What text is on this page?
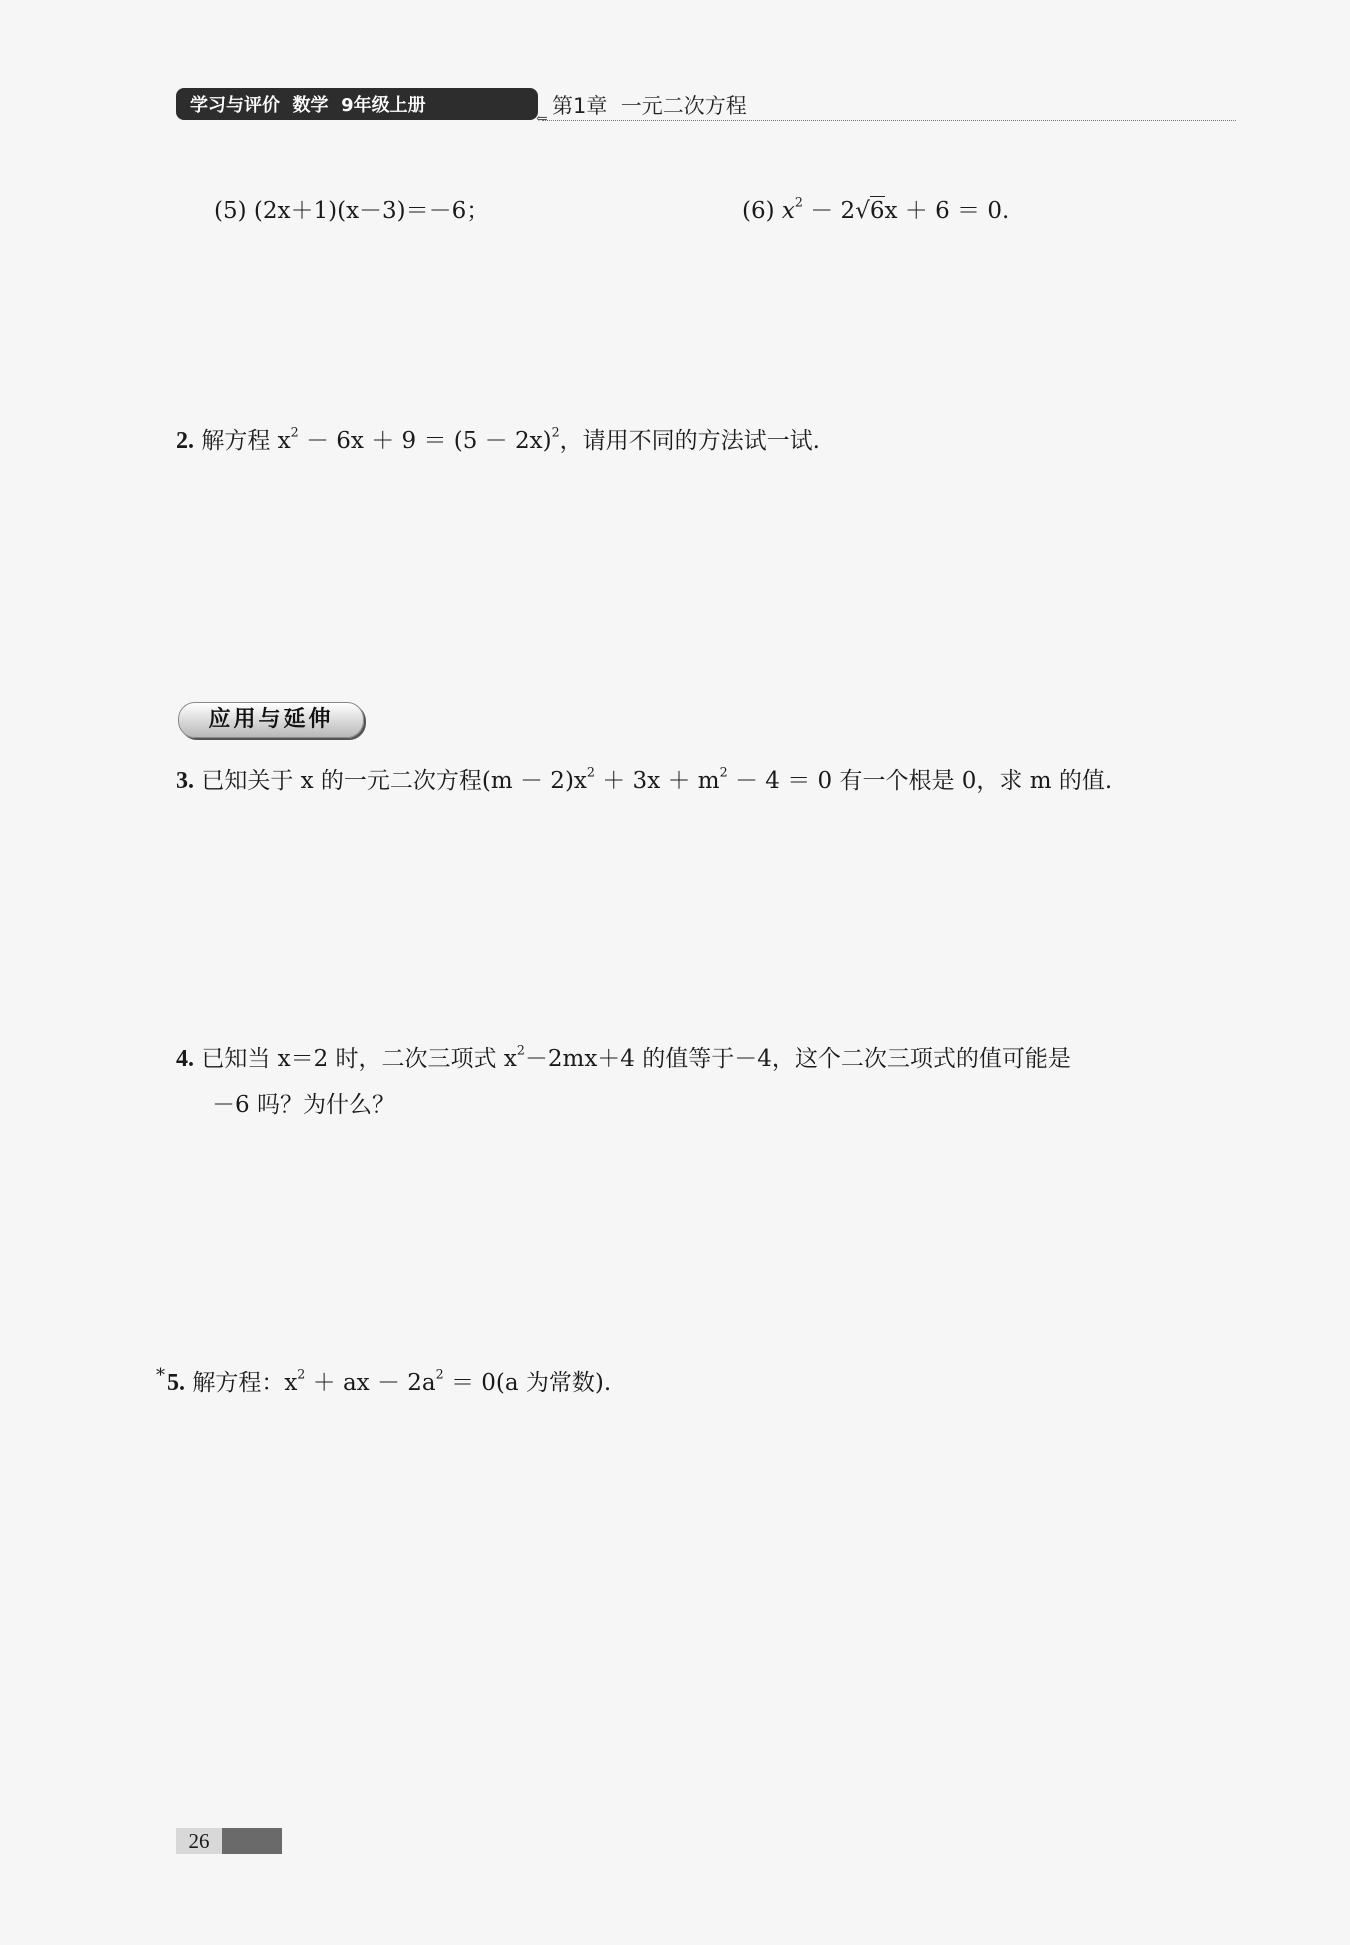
学习与评价  数学  9年级上册
⇐
第1章  一元二次方程
(5) (2x＋1)(x－3)＝－6；	(6) $x^2 - 2√6x + 6 = 0$.
2. 解方程 $x^2 - 6x + 9 = (5 - 2x)^2$，请用不同的方法试一试.
应用与延伸
3. 已知关于 x 的一元二次方程$(m - 2)x^2 + 3x + m^2 - 4 = 0$ 有一个根是 0，求 m 的值.
4. 已知当 x＝2 时，二次三项式 $x^2-2mx+4$ 的值等于－4，这个二次三项式的值可能是
－6 吗？为什么？
*5. 解方程：$x^2$ ＋ ax － $2a^2 = 0(a$ 为常数).
26
